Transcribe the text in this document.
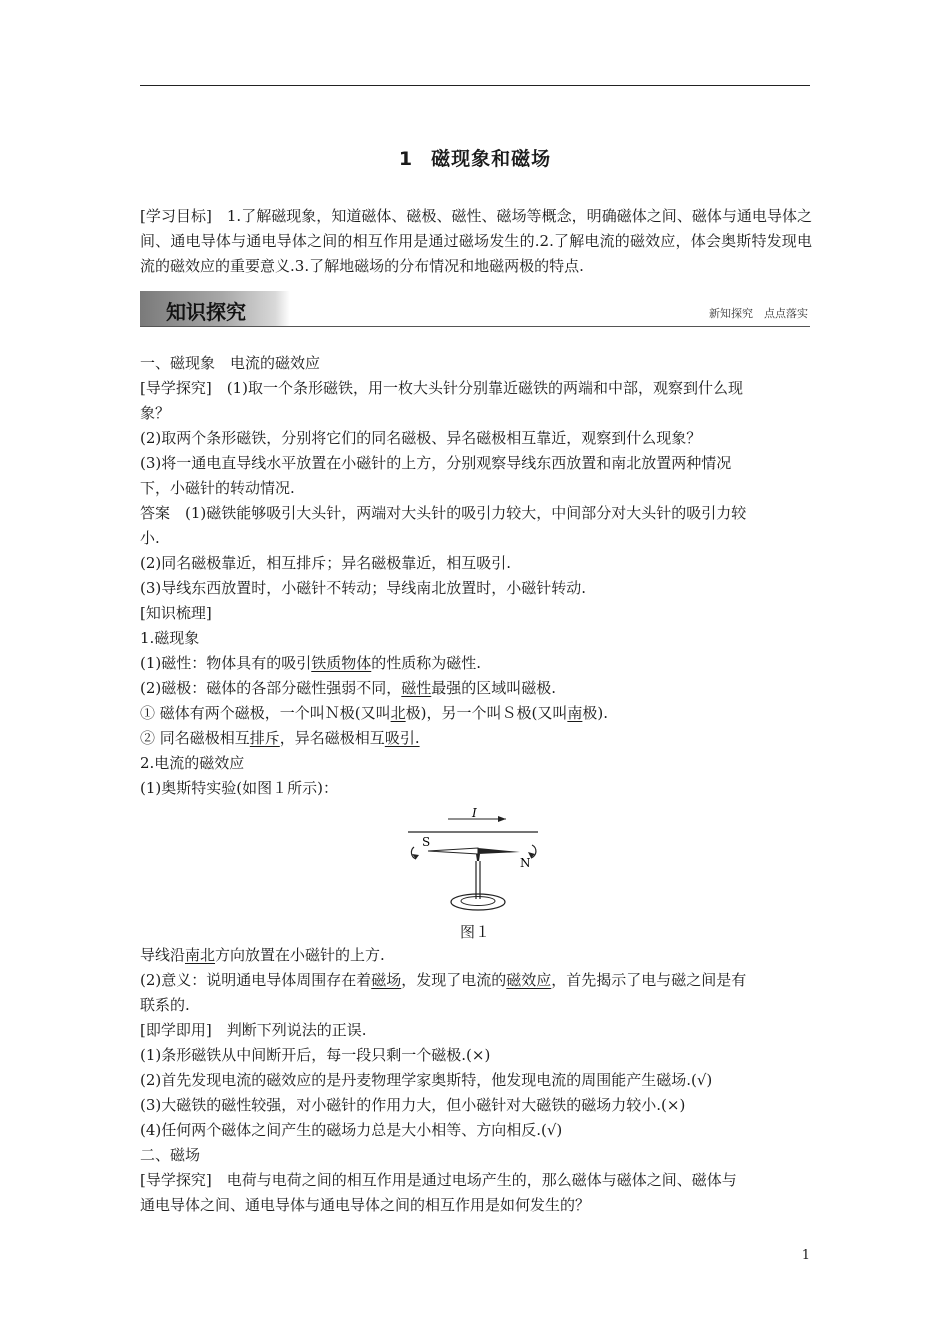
1 磁现象和磁场
[学习目标]　1.了解磁现象，知道磁体、磁极、磁性、磁场等概念，明确磁体之间、磁体与通电导体之间、通电导体与通电导体之间的相互作用是通过磁场发生的.2.了解电流的磁效应，体会奥斯特发现电流的磁效应的重要意义.3.了解地磁场的分布情况和地磁两极的特点.
知识探究	新知探究　点点落实
一、磁现象　电流的磁效应
[导学探究]　(1)取一个条形磁铁，用一枚大头针分别靠近磁铁的两端和中部，观察到什么现
象？
(2)取两个条形磁铁，分别将它们的同名磁极、异名磁极相互靠近，观察到什么现象？
(3)将一通电直导线水平放置在小磁针的上方，分别观察导线东西放置和南北放置两种情况
下，小磁针的转动情况.
答案　(1)磁铁能够吸引大头针，两端对大头针的吸引力较大，中间部分对大头针的吸引力较
小.
(2)同名磁极靠近，相互排斥；异名磁极靠近，相互吸引.
(3)导线东西放置时，小磁针不转动；导线南北放置时，小磁针转动.
[知识梳理]
1.磁现象
(1)磁性：物体具有的吸引铁质物体的性质称为磁性.
(2)磁极：磁体的各部分磁性强弱不同，磁性最强的区域叫磁极.
① 磁体有两个磁极，一个叫Ｎ极(又叫北极)，另一个叫Ｓ极(又叫南极).
② 同名磁极相互排斥，异名磁极相互吸引.
2.电流的磁效应
(1)奥斯特实验(如图１所示)：
I
S
N
图１
导线沿南北方向放置在小磁针的上方.
(2)意义：说明通电导体周围存在着磁场，发现了电流的磁效应，首先揭示了电与磁之间是有
联系的.
[即学即用]　判断下列说法的正误.
(1)条形磁铁从中间断开后，每一段只剩一个磁极.(×)
(2)首先发现电流的磁效应的是丹麦物理学家奥斯特，他发现电流的周围能产生磁场.(√)
(3)大磁铁的磁性较强，对小磁针的作用力大，但小磁针对大磁铁的磁场力较小.(×)
(4)任何两个磁体之间产生的磁场力总是大小相等、方向相反.(√)
二、磁场
[导学探究]　电荷与电荷之间的相互作用是通过电场产生的，那么磁体与磁体之间、磁体与
通电导体之间、通电导体与通电导体之间的相互作用是如何发生的？
1
